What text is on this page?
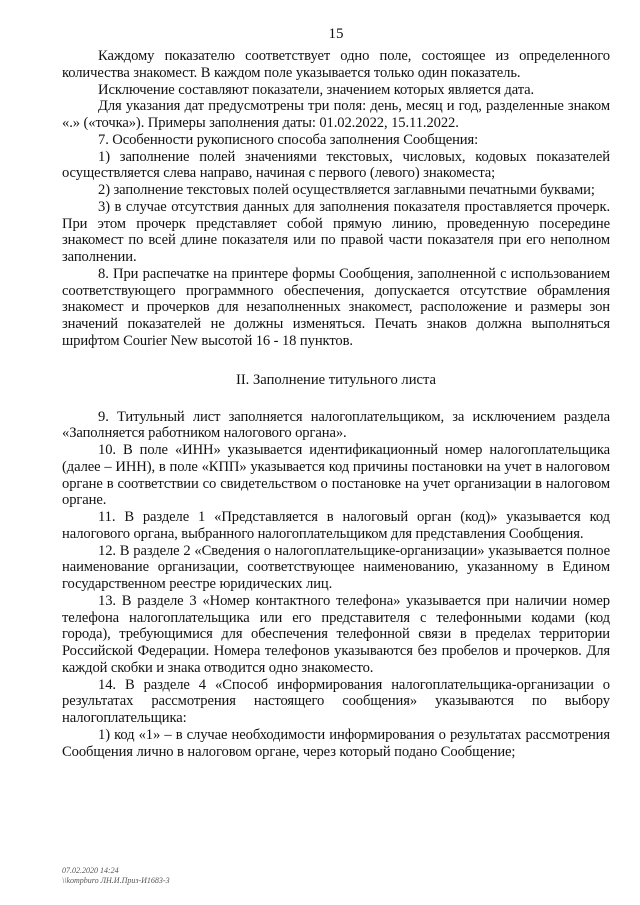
15

Каждому показателю соответствует одно поле, состоящее из определенного количества знакомест. В каждом поле указывается только один показатель.

Исключение составляют показатели, значением которых является дата.

Для указания дат предусмотрены три поля: день, месяц и год, разделенные знаком «.» («точка»). Примеры заполнения даты: 01.02.2022, 15.11.2022.

7. Особенности рукописного способа заполнения Сообщения:

1) заполнение полей значениями текстовых, числовых, кодовых показателей осуществляется слева направо, начиная с первого (левого) знакоместа;

2) заполнение текстовых полей осуществляется заглавными печатными буквами;

3) в случае отсутствия данных для заполнения показателя проставляется прочерк. При этом прочерк представляет собой прямую линию, проведенную посередине знакомест по всей длине показателя или по правой части показателя при его неполном заполнении.

8. При распечатке на принтере формы Сообщения, заполненной с использованием соответствующего программного обеспечения, допускается отсутствие обрамления знакомест и прочерков для незаполненных знакомест, расположение и размеры зон значений показателей не должны изменяться. Печать знаков должна выполняться шрифтом Courier New высотой 16 - 18 пунктов.

II. Заполнение титульного листа

9. Титульный лист заполняется налогоплательщиком, за исключением раздела «Заполняется работником налогового органа».

10. В поле «ИНН» указывается идентификационный номер налогоплательщика (далее – ИНН), в поле «КПП» указывается код причины постановки на учет в налоговом органе в соответствии со свидетельством о постановке на учет организации в налоговом органе.

11. В разделе 1 «Представляется в налоговый орган (код)» указывается код налогового органа, выбранного налогоплательщиком для представления Сообщения.

12. В разделе 2 «Сведения о налогоплательщике-организации» указывается полное наименование организации, соответствующее наименованию, указанному в Едином государственном реестре юридических лиц.

13. В разделе 3 «Номер контактного телефона» указывается при наличии номер телефона налогоплательщика или его представителя с телефонными кодами (код города), требующимися для обеспечения телефонной связи в пределах территории Российской Федерации. Номера телефонов указываются без пробелов и прочерков. Для каждой скобки и знака отводится одно знакоместо.

14. В разделе 4 «Способ информирования налогоплательщика-организации о результатах рассмотрения настоящего сообщения» указываются по выбору налогоплательщика:

1) код «1» – в случае необходимости информирования о результатах рассмотрения Сообщения лично в налоговом органе, через который подано Сообщение;

07.02.2020 14:24
\\kompburo ЛН.И.Приз-И1683-3
